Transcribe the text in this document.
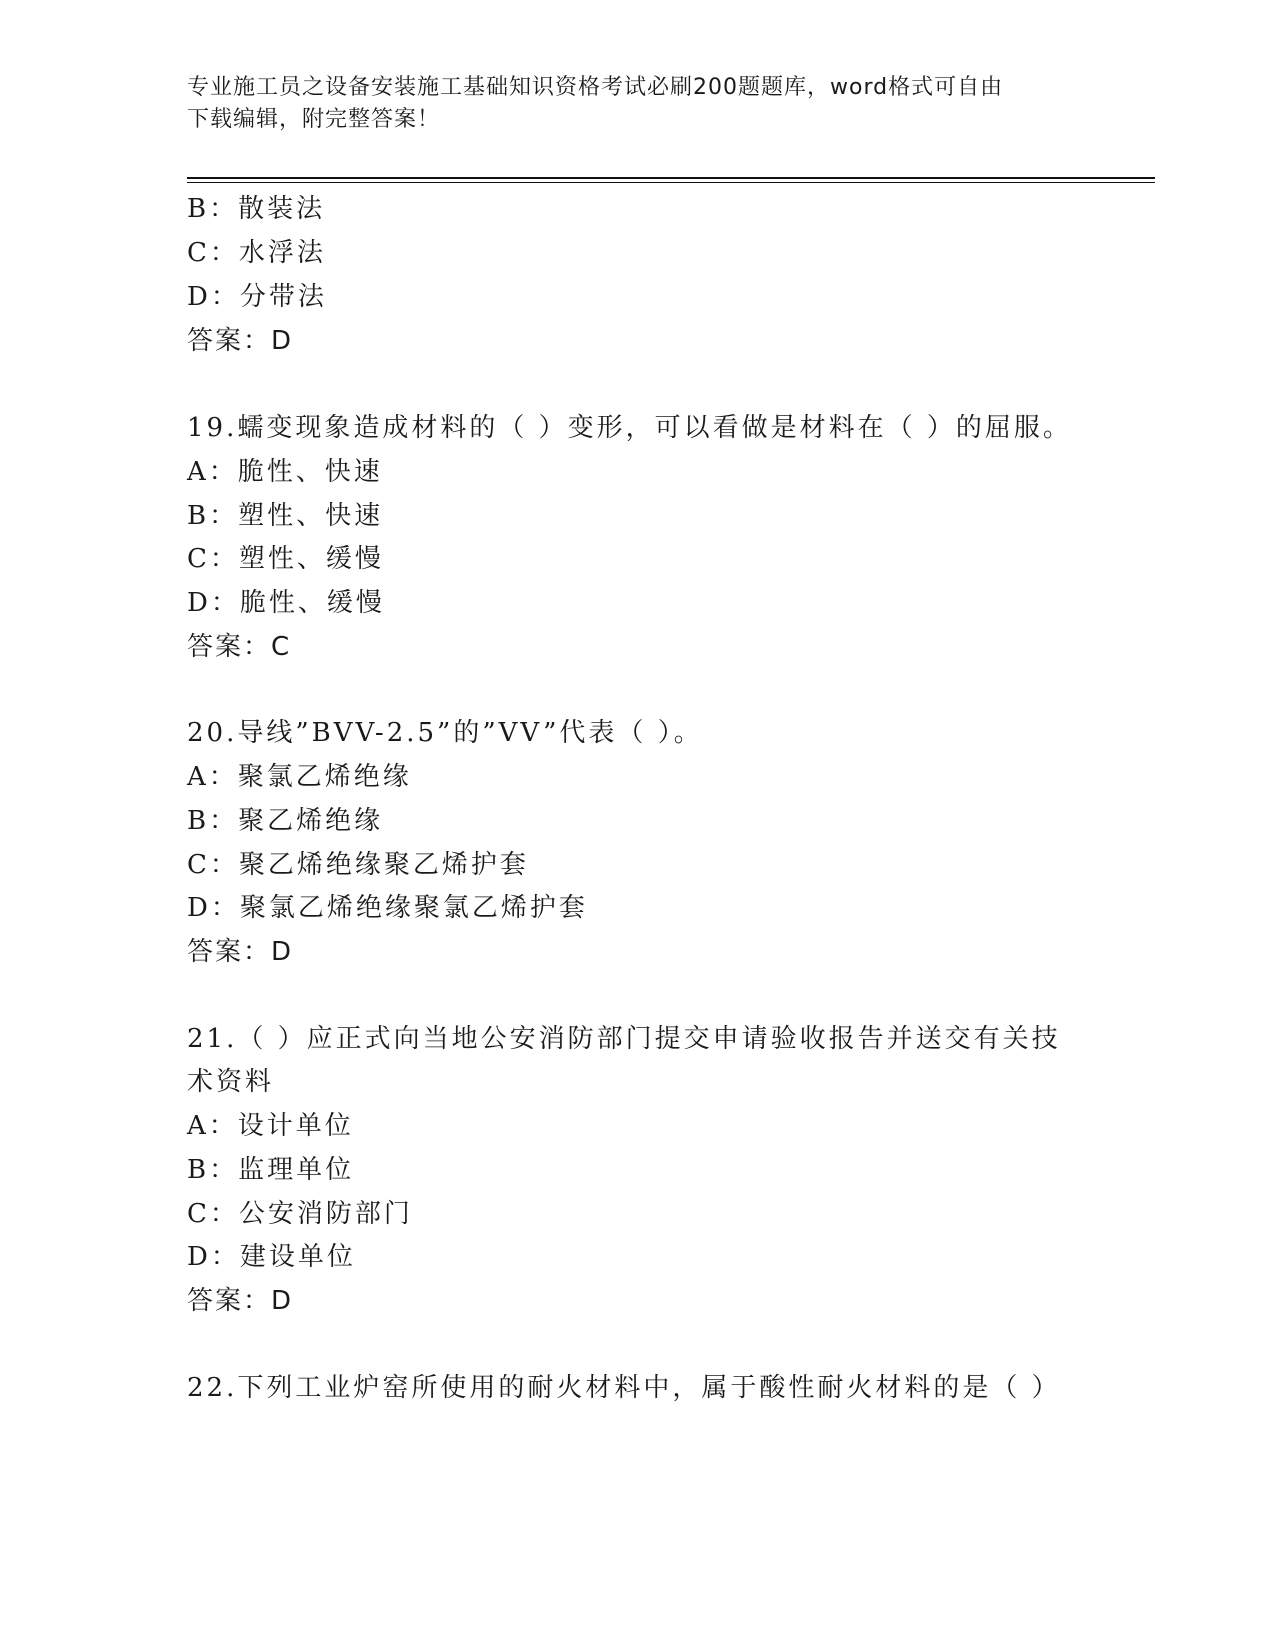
专业施工员之设备安装施工基础知识资格考试必刷200题题库，word格式可自由
下载编辑，附完整答案！
B：散装法
C：水浮法
D：分带法
答案：D
19.蠕变现象造成材料的（ ）变形，可以看做是材料在（ ）的屈服。
A：脆性、快速
B：塑性、快速
C：塑性、缓慢
D：脆性、缓慢
答案：C
20.导线”BVV-2.5”的”VV”代表（ ）。
A：聚氯乙烯绝缘
B：聚乙烯绝缘
C：聚乙烯绝缘聚乙烯护套
D：聚氯乙烯绝缘聚氯乙烯护套
答案：D
21.（ ）应正式向当地公安消防部门提交申请验收报告并送交有关技
术资料
A：设计单位
B：监理单位
C：公安消防部门
D：建设单位
答案：D
22.下列工业炉窑所使用的耐火材料中，属于酸性耐火材料的是（ ）
